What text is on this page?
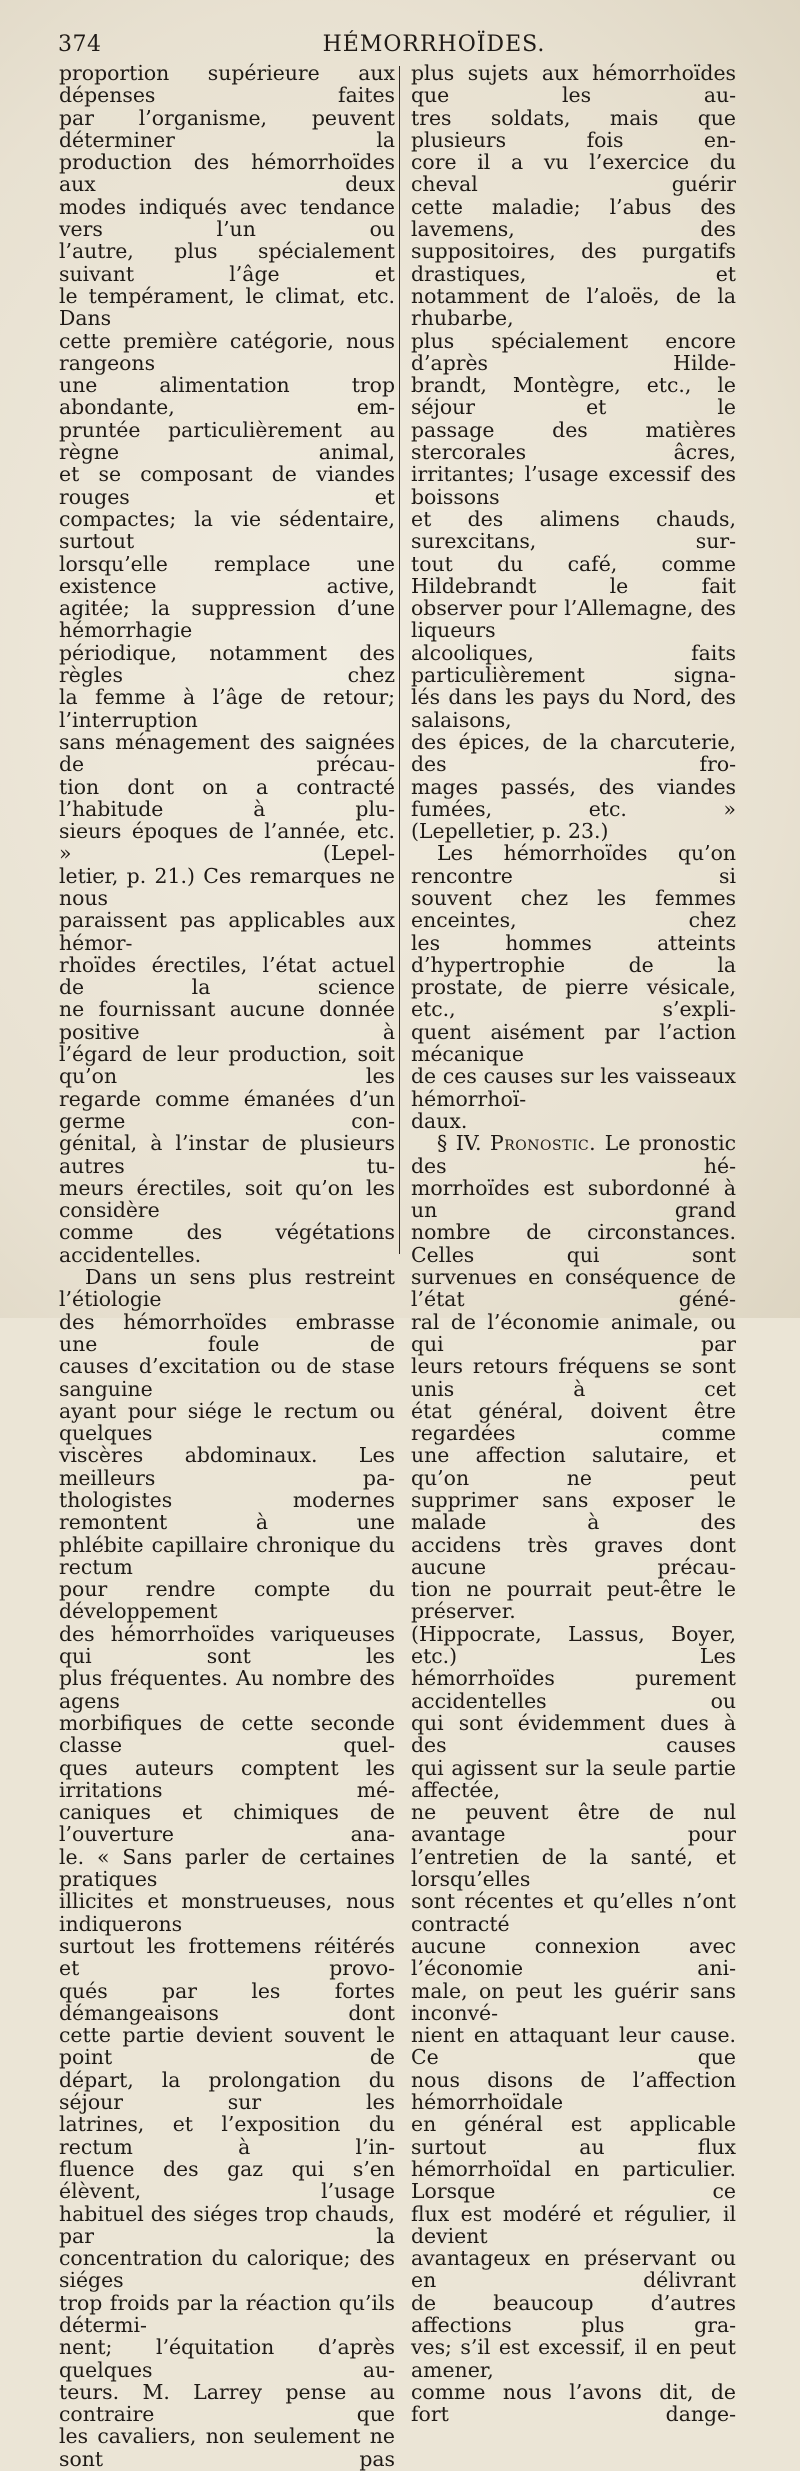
374	HÉMORRHOÏDES.

proportion supérieure aux dépenses faites

par l’organisme, peuvent déterminer la

production des hémorrhoïdes aux deux

modes indiqués avec tendance vers l’un ou

l’autre, plus spécialement suivant l’âge et

le tempérament, le climat, etc. Dans

cette première catégorie, nous rangeons

une alimentation trop abondante, em-

pruntée particulièrement au règne animal,

et se composant de viandes rouges et

compactes; la vie sédentaire, surtout

lorsqu’elle remplace une existence active,

agitée; la suppression d’une hémorrhagie

périodique, notamment des règles chez

la femme à l’âge de retour; l’interruption

sans ménagement des saignées de précau-

tion dont on a contracté l’habitude à plu-

sieurs époques de l’année, etc. » (Lepel-

letier, p. 21.) Ces remarques ne nous

paraissent pas applicables aux hémor-

rhoïdes érectiles, l’état actuel de la science

ne fournissant aucune donnée positive à

l’égard de leur production, soit qu’on les

regarde comme émanées d’un germe con-

génital, à l’instar de plusieurs autres tu-

meurs érectiles, soit qu’on les considère

comme des végétations accidentelles.

Dans un sens plus restreint l’étiologie

des hémorrhoïdes embrasse une foule de

causes d’excitation ou de stase sanguine

ayant pour siége le rectum ou quelques

viscères abdominaux. Les meilleurs pa-

thologistes modernes remontent à une

phlébite capillaire chronique du rectum

pour rendre compte du développement

des hémorrhoïdes variqueuses qui sont les

plus fréquentes. Au nombre des agens

morbifiques de cette seconde classe quel-

ques auteurs comptent les irritations mé-

caniques et chimiques de l’ouverture ana-

le. « Sans parler de certaines pratiques

illicites et monstrueuses, nous indiquerons

surtout les frottemens réitérés et provo-

qués par les fortes démangeaisons dont

cette partie devient souvent le point de

départ, la prolongation du séjour sur les

latrines, et l’exposition du rectum à l’in-

fluence des gaz qui s’en élèvent, l’usage

habituel des siéges trop chauds, par la

concentration du calorique; des siéges

trop froids par la réaction qu’ils détermi-

nent; l’équitation d’après quelques au-

teurs. M. Larrey pense au contraire que

les cavaliers, non seulement ne sont pas

plus sujets aux hémorrhoïdes que les au-

tres soldats, mais que plusieurs fois en-

core il a vu l’exercice du cheval guérir

cette maladie; l’abus des lavemens, des

suppositoires, des purgatifs drastiques, et

notamment de l’aloës, de la rhubarbe,

plus spécialement encore d’après Hilde-

brandt, Montègre, etc., le séjour et le

passage des matières stercorales âcres,

irritantes; l’usage excessif des boissons

et des alimens chauds, surexcitans, sur-

tout du café, comme Hildebrandt le fait

observer pour l’Allemagne, des liqueurs

alcooliques, faits particulièrement signa-

lés dans les pays du Nord, des salaisons,

des épices, de la charcuterie, des fro-

mages passés, des viandes fumées, etc. »

(Lepelletier, p. 23.)

Les hémorrhoïdes qu’on rencontre si

souvent chez les femmes enceintes, chez

les hommes atteints d’hypertrophie de la

prostate, de pierre vésicale, etc., s’expli-

quent aisément par l’action mécanique

de ces causes sur les vaisseaux hémorrhoï-

daux.

§ IV. Pronostic. Le pronostic des hé-

morrhoïdes est subordonné à un grand

nombre de circonstances. Celles qui sont

survenues en conséquence de l’état géné-

ral de l’économie animale, ou qui par

leurs retours fréquens se sont unis à cet

état général, doivent être regardées comme

une affection salutaire, et qu’on ne peut

supprimer sans exposer le malade à des

accidens très graves dont aucune précau-

tion ne pourrait peut-être le préserver.

(Hippocrate, Lassus, Boyer, etc.) Les

hémorrhoïdes purement accidentelles ou

qui sont évidemment dues à des causes

qui agissent sur la seule partie affectée,

ne peuvent être de nul avantage pour

l’entretien de la santé, et lorsqu’elles

sont récentes et qu’elles n’ont contracté

aucune connexion avec l’économie ani-

male, on peut les guérir sans inconvé-

nient en attaquant leur cause. Ce que

nous disons de l’affection hémorrhoïdale

en général est applicable surtout au flux

hémorrhoïdal en particulier. Lorsque ce

flux est modéré et régulier, il devient

avantageux en préservant ou en délivrant

de beaucoup d’autres affections plus gra-

ves; s’il est excessif, il en peut amener,

comme nous l’avons dit, de fort dange-
